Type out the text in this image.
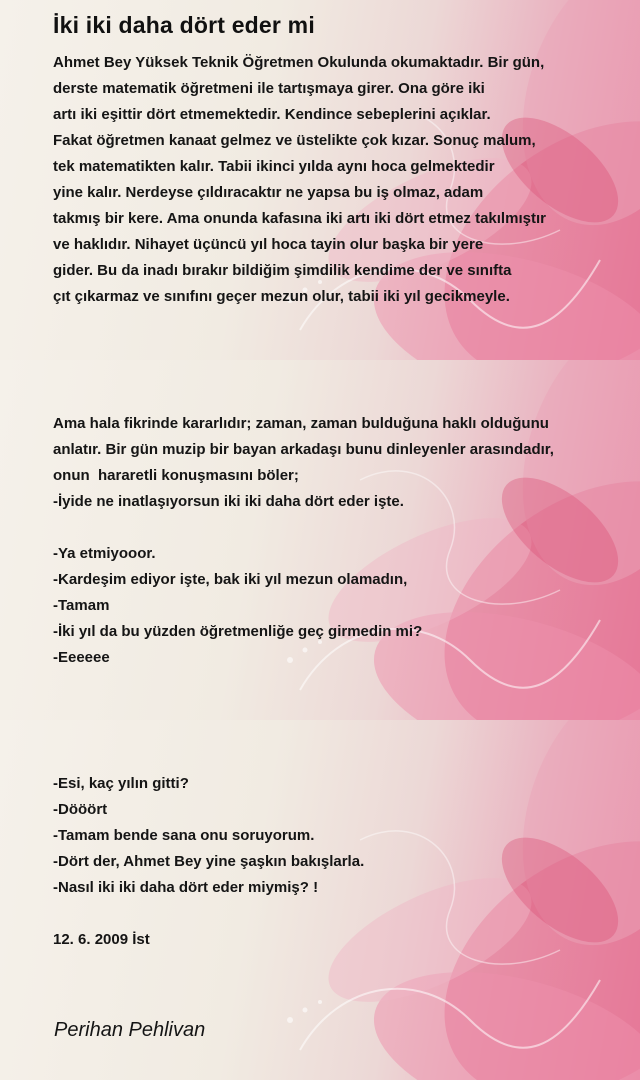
İki iki daha dört eder mi
Ahmet Bey Yüksek Teknik Öğretmen Okulunda okumaktadır. Bir gün,
derste matematik öğretmeni ile tartışmaya girer. Ona göre iki
artı iki eşittir dört etmemektedir. Kendince sebeplerini açıklar.
Fakat öğretmen kanaat gelmez ve üstelikte çok kızar. Sonuç malum,
tek matematikten kalır. Tabii ikinci yılda aynı hoca gelmektedir
yine kalır. Nerdeyse çıldıracaktır ne yapsa bu iş olmaz, adam
takmış bir kere. Ama onunda kafasına iki artı iki dört etmez takılmıştır
ve haklıdır. Nihayet üçüncü yıl hoca tayin olur başka bir yere
gider. Bu da inadı bırakır bildiğim şimdilik kendime der ve sınıfta
çıt çıkarmaz ve sınıfını geçer mezun olur, tabii iki yıl gecikmeyle.
Ama hala fikrinde kararlıdır; zaman, zaman bulduğuna haklı olduğunu
anlatır. Bir gün muzip bir bayan arkadaşı bunu dinleyenler arasındadır,
onun  hararetli konuşmasını böler;
-İyide ne inatlaşıyorsun iki iki daha dört eder işte.
-Ya etmiyooor.
-Kardeşim ediyor işte, bak iki yıl mezun olamadın,
-Tamam
-İki yıl da bu yüzden öğretmenliğe geç girmedin mi?
-Eeeeee
-Esi, kaç yılın gitti?
-Dööört
-Tamam bende sana onu soruyorum.
-Dört der, Ahmet Bey yine şaşkın bakışlarla.
-Nasıl iki iki daha dört eder miymiş? !
12. 6. 2009 İst
Perihan Pehlivan
